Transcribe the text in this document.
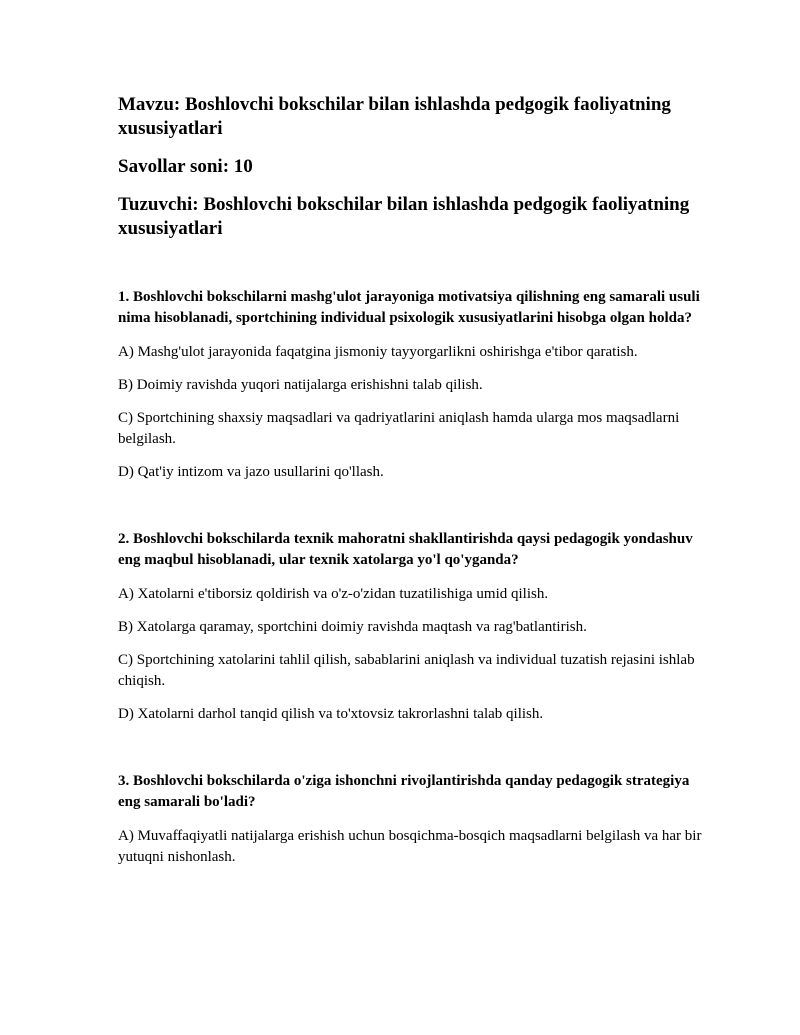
Mavzu: Boshlovchi bokschilar bilan ishlashda pedgogik faoliyatning xususiyatlari

Savollar soni: 10

Tuzuvchi: Boshlovchi bokschilar bilan ishlashda pedgogik faoliyatning xususiyatlari

1. Boshlovchi bokschilarni mashg'ulot jarayoniga motivatsiya qilishning eng samarali usuli nima hisoblanadi, sportchining individual psixologik xususiyatlarini hisobga olgan holda?

A) Mashg'ulot jarayonida faqatgina jismoniy tayyorgarlikni oshirishga e'tibor qaratish.

B) Doimiy ravishda yuqori natijalarga erishishni talab qilish.

C) Sportchining shaxsiy maqsadlari va qadriyatlarini aniqlash hamda ularga mos maqsadlarni belgilash.

D) Qat'iy intizom va jazo usullarini qo'llash.

2. Boshlovchi bokschilarda texnik mahoratni shakllantirishda qaysi pedagogik yondashuv eng maqbul hisoblanadi, ular texnik xatolarga yo'l qo'yganda?

A) Xatolarni e'tiborsiz qoldirish va o'z-o'zidan tuzatilishiga umid qilish.

B) Xatolarga qaramay, sportchini doimiy ravishda maqtash va rag'batlantirish.

C) Sportchining xatolarini tahlil qilish, sabablarini aniqlash va individual tuzatish rejasini ishlab chiqish.

D) Xatolarni darhol tanqid qilish va to'xtovsiz takrorlashni talab qilish.

3. Boshlovchi bokschilarda o'ziga ishonchni rivojlantirishda qanday pedagogik strategiya eng samarali bo'ladi?

A) Muvaffaqiyatli natijalarga erishish uchun bosqichma-bosqich maqsadlarni belgilash va har bir yutuqni nishonlash.
